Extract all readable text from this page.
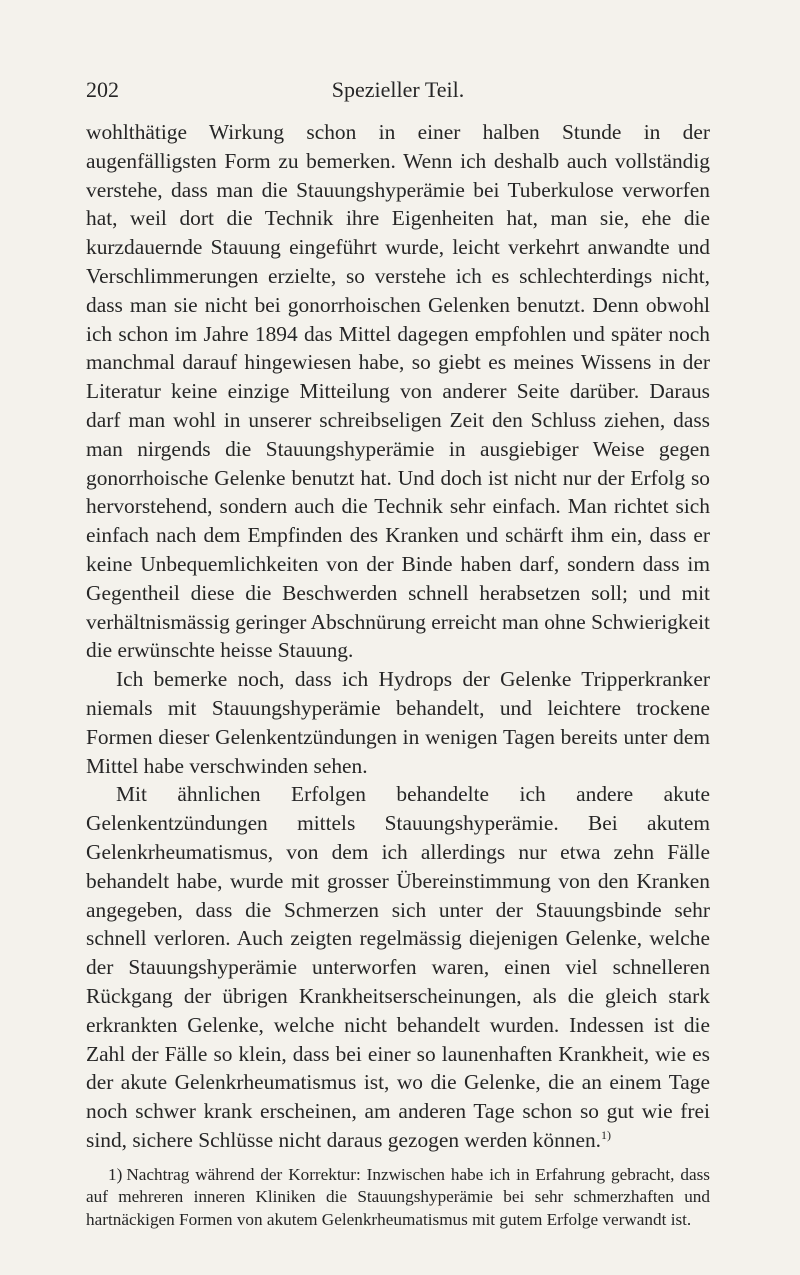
202	Spezieller Teil.

wohlthätige Wirkung schon in einer halben Stunde in der augenfälligsten Form zu bemerken. Wenn ich deshalb auch vollständig verstehe, dass man die Stauungshyperämie bei Tuberkulose verworfen hat, weil dort die Technik ihre Eigenheiten hat, man sie, ehe die kurzdauernde Stauung eingeführt wurde, leicht verkehrt anwandte und Verschlimmerungen erzielte, so verstehe ich es schlechterdings nicht, dass man sie nicht bei gonorrhoischen Gelenken benutzt. Denn obwohl ich schon im Jahre 1894 das Mittel dagegen empfohlen und später noch manchmal darauf hingewiesen habe, so giebt es meines Wissens in der Literatur keine einzige Mitteilung von anderer Seite darüber. Daraus darf man wohl in unserer schreibseligen Zeit den Schluss ziehen, dass man nirgends die Stauungshyperämie in ausgiebiger Weise gegen gonorrhoische Gelenke benutzt hat. Und doch ist nicht nur der Erfolg so hervorstehend, sondern auch die Technik sehr einfach. Man richtet sich einfach nach dem Empfinden des Kranken und schärft ihm ein, dass er keine Unbequemlichkeiten von der Binde haben darf, sondern dass im Gegentheil diese die Beschwerden schnell herabsetzen soll; und mit verhältnismässig geringer Abschnürung erreicht man ohne Schwierigkeit die erwünschte heisse Stauung.

Ich bemerke noch, dass ich Hydrops der Gelenke Tripperkranker niemals mit Stauungshyperämie behandelt, und leichtere trockene Formen dieser Gelenkentzündungen in wenigen Tagen bereits unter dem Mittel habe verschwinden sehen.

Mit ähnlichen Erfolgen behandelte ich andere akute Gelenkentzündungen mittels Stauungshyperämie. Bei akutem Gelenkrheumatismus, von dem ich allerdings nur etwa zehn Fälle behandelt habe, wurde mit grosser Übereinstimmung von den Kranken angegeben, dass die Schmerzen sich unter der Stauungsbinde sehr schnell verloren. Auch zeigten regelmässig diejenigen Gelenke, welche der Stauungshyperämie unterworfen waren, einen viel schnelleren Rückgang der übrigen Krankheitserscheinungen, als die gleich stark erkrankten Gelenke, welche nicht behandelt wurden. Indessen ist die Zahl der Fälle so klein, dass bei einer so launenhaften Krankheit, wie es der akute Gelenkrheumatismus ist, wo die Gelenke, die an einem Tage noch schwer krank erscheinen, am anderen Tage schon so gut wie frei sind, sichere Schlüsse nicht daraus gezogen werden können.$^{1)}$

1) Nachtrag während der Korrektur: Inzwischen habe ich in Erfahrung gebracht, dass auf mehreren inneren Kliniken die Stauungshyperämie bei sehr schmerzhaften und hartnäckigen Formen von akutem Gelenkrheumatismus mit gutem Erfolge verwandt ist.
